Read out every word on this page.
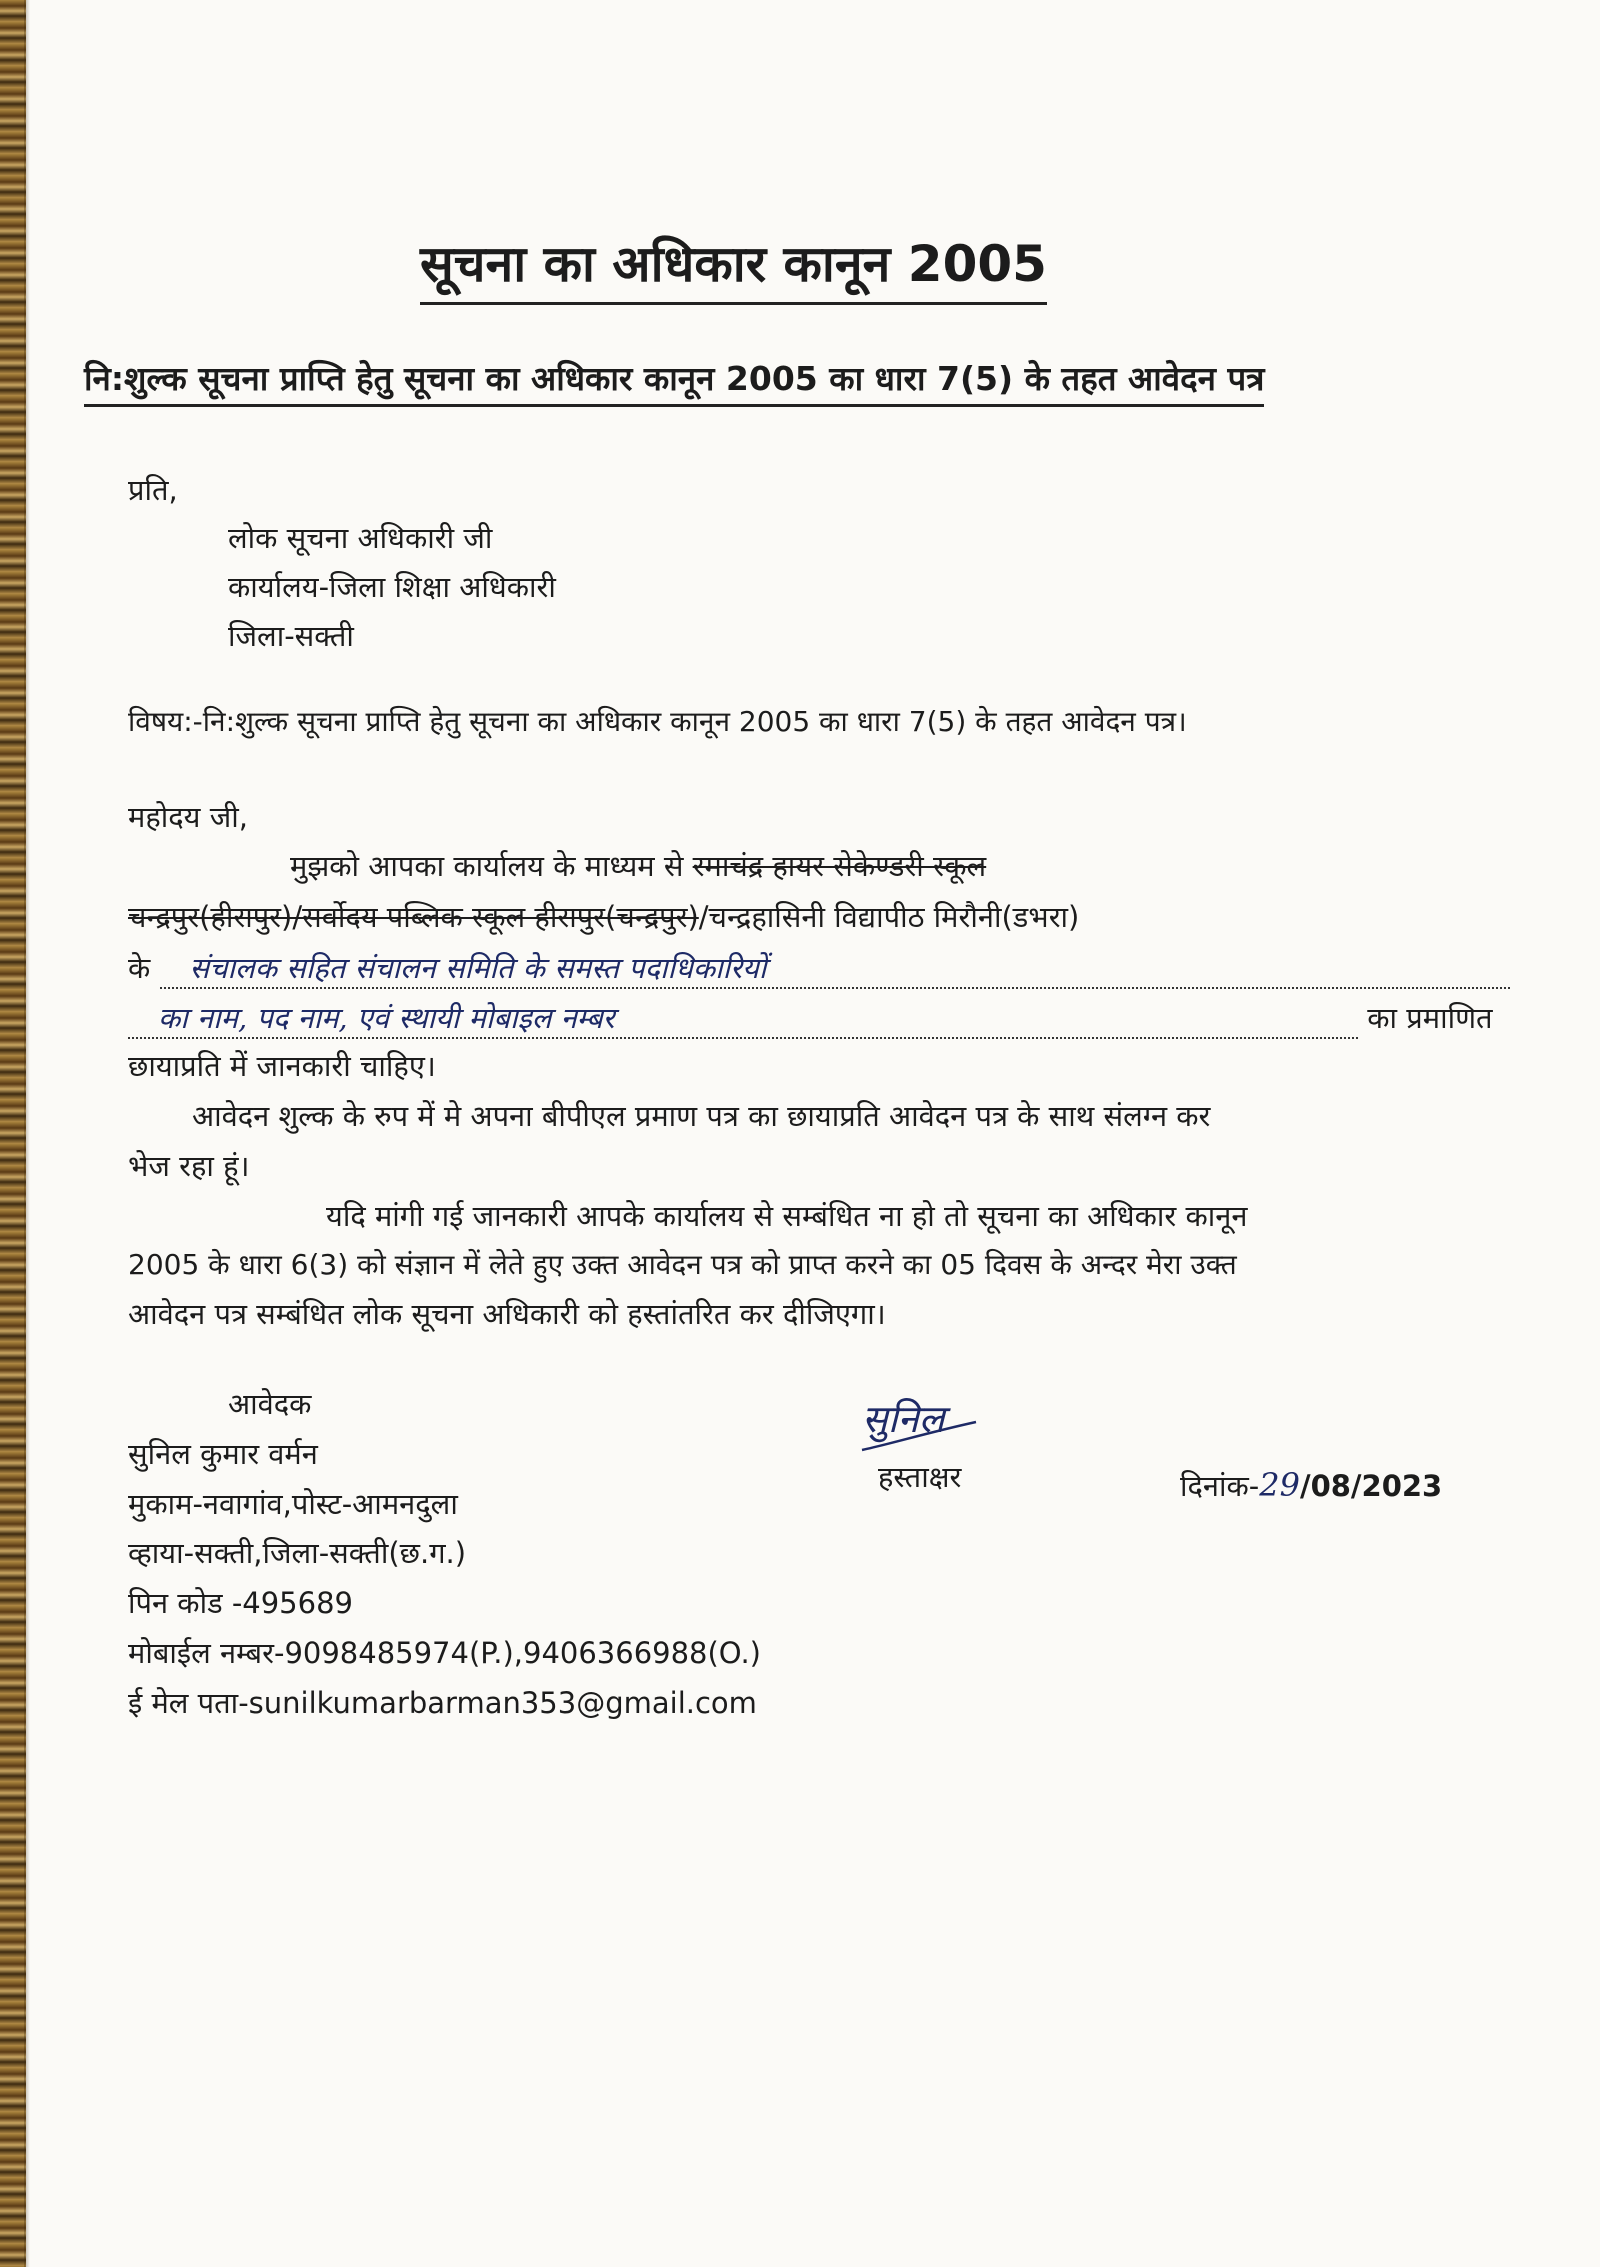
सूचना का अधिकार कानून 2005
नि:शुल्क सूचना प्राप्ति हेतु सूचना का अधिकार कानून 2005 का धारा 7(5) के तहत आवेदन पत्र
प्रति,
लोक सूचना अधिकारी जी
कार्यालय-जिला शिक्षा अधिकारी
जिला-सक्ती
विषय:-नि:शुल्क सूचना प्राप्ति हेतु सूचना का अधिकार कानून 2005 का धारा 7(5) के तहत आवेदन पत्र।
महोदय जी,
मुझको आपका कार्यालय के माध्यम से रमाचंद्र हायर सेकेण्डरी स्कूल
चन्द्रपुर(हीरापुर)/सर्वोदय पब्लिक स्कूल हीरापुर(चन्द्रपुर)/चन्द्रहासिनी विद्यापीठ मिरौनी(डभरा)
के संचालक सहित संचालन समिति के समस्त पदाधिकारियों
का नाम, पद नाम, एवं स्थायी मोबाइल नम्बर	का प्रमाणित
छायाप्रति में जानकारी चाहिए।
आवेदन शुल्क के रुप में मे अपना बीपीएल प्रमाण पत्र का छायाप्रति आवेदन पत्र के साथ संलग्न कर
भेज रहा हूं।
यदि मांगी गई जानकारी आपके कार्यालय से सम्बंधित ना हो तो सूचना का अधिकार कानून
2005 के धारा 6(3) को संज्ञान में लेते हुए उक्त आवेदन पत्र को प्राप्त करने का 05 दिवस के अन्दर मेरा उक्त
आवेदन पत्र सम्बंधित लोक सूचना अधिकारी को हस्तांतरित कर दीजिएगा।
आवेदक
सुनिल कुमार वर्मन
मुकाम-नवागांव,पोस्ट-आमनदुला
व्हाया-सक्ती,जिला-सक्ती(छ.ग.)
पिन कोड -495689
मोबाईल नम्बर-9098485974(P.),9406366988(O.)
ई मेल पता-sunilkumarbarman353@gmail.com
सुनिल
हस्ताक्षर	दिनांक-29/08/2023
